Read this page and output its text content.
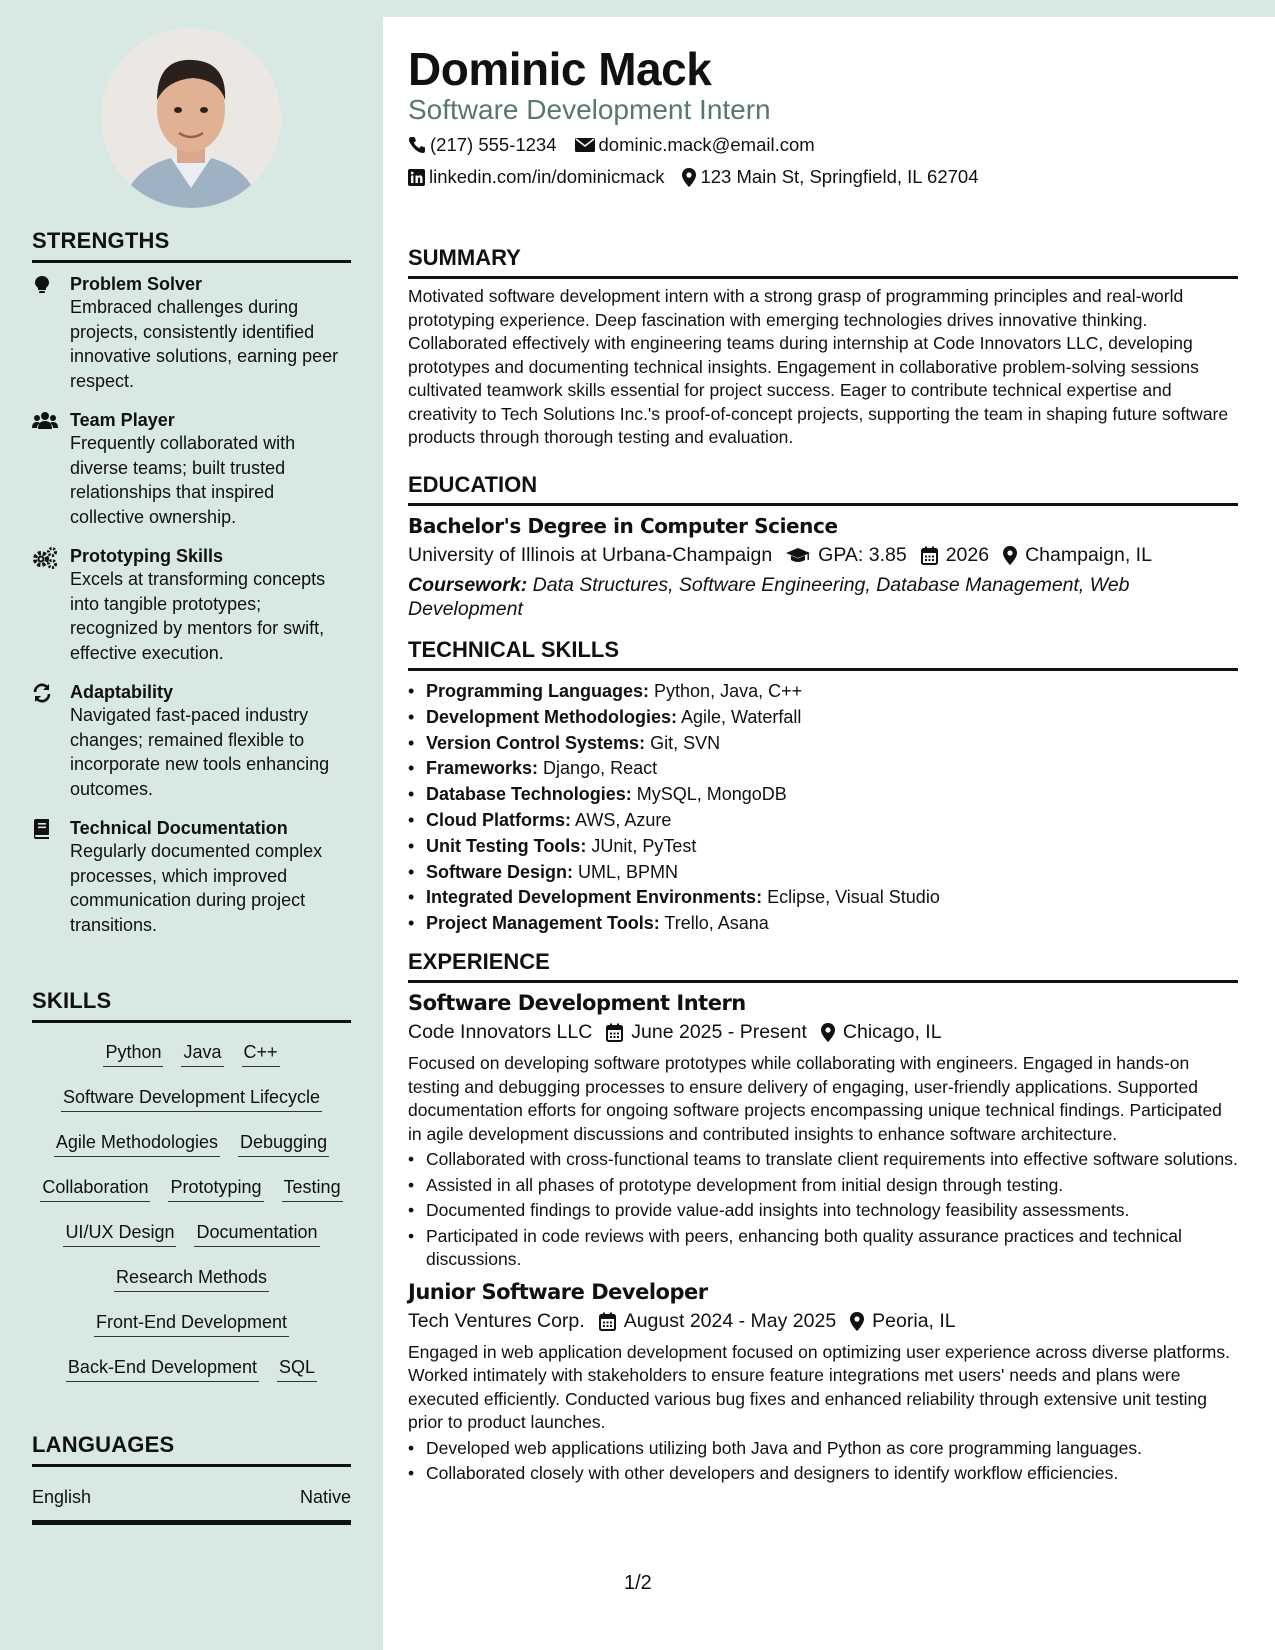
STRENGTHS
Problem Solver
Embraced challenges during projects, consistently identified innovative solutions, earning peer respect.
Team Player
Frequently collaborated with diverse teams; built trusted relationships that inspired collective ownership.
Prototyping Skills
Excels at transforming concepts into tangible prototypes; recognized by mentors for swift, effective execution.
Adaptability
Navigated fast-paced industry changes; remained flexible to incorporate new tools enhancing outcomes.
Technical Documentation
Regularly documented complex processes, which improved communication during project transitions.
SKILLS
Python Java C++
Software Development Lifecycle
Agile Methodologies Debugging
Collaboration Prototyping Testing
UI/UX Design Documentation
Research Methods
Front-End Development
Back-End Development SQL
LANGUAGES
English	Native
Dominic Mack
Software Development Intern
(217) 555-1234 dominic.mack@email.com
linkedin.com/in/dominicmack 123 Main St, Springfield, IL 62704
SUMMARY
Motivated software development intern with a strong grasp of programming principles and real-world prototyping experience. Deep fascination with emerging technologies drives innovative thinking. Collaborated effectively with engineering teams during internship at Code Innovators LLC, developing prototypes and documenting technical insights. Engagement in collaborative problem-solving sessions cultivated teamwork skills essential for project success. Eager to contribute technical expertise and creativity to Tech Solutions Inc.'s proof-of-concept projects, supporting the team in shaping future software products through thorough testing and evaluation.
EDUCATION
Bachelor's Degree in Computer Science
University of Illinois at Urbana-Champaign GPA: 3.85 2026 Champaign, IL
Coursework: Data Structures, Software Engineering, Database Management, Web Development
TECHNICAL SKILLS
• Programming Languages: Python, Java, C++
• Development Methodologies: Agile, Waterfall
• Version Control Systems: Git, SVN
• Frameworks: Django, React
• Database Technologies: MySQL, MongoDB
• Cloud Platforms: AWS, Azure
• Unit Testing Tools: JUnit, PyTest
• Software Design: UML, BPMN
• Integrated Development Environments: Eclipse, Visual Studio
• Project Management Tools: Trello, Asana
EXPERIENCE
Software Development Intern
Code Innovators LLC June 2025 - Present Chicago, IL
Focused on developing software prototypes while collaborating with engineers. Engaged in hands-on testing and debugging processes to ensure delivery of engaging, user-friendly applications. Supported documentation efforts for ongoing software projects encompassing unique technical findings. Participated in agile development discussions and contributed insights to enhance software architecture.
• Collaborated with cross-functional teams to translate client requirements into effective software solutions.
• Assisted in all phases of prototype development from initial design through testing.
• Documented findings to provide value-add insights into technology feasibility assessments.
• Participated in code reviews with peers, enhancing both quality assurance practices and technical discussions.
Junior Software Developer
Tech Ventures Corp. August 2024 - May 2025 Peoria, IL
Engaged in web application development focused on optimizing user experience across diverse platforms. Worked intimately with stakeholders to ensure feature integrations met users' needs and plans were executed efficiently. Conducted various bug fixes and enhanced reliability through extensive unit testing prior to product launches.
• Developed web applications utilizing both Java and Python as core programming languages.
• Collaborated closely with other developers and designers to identify workflow efficiencies.
1/2
